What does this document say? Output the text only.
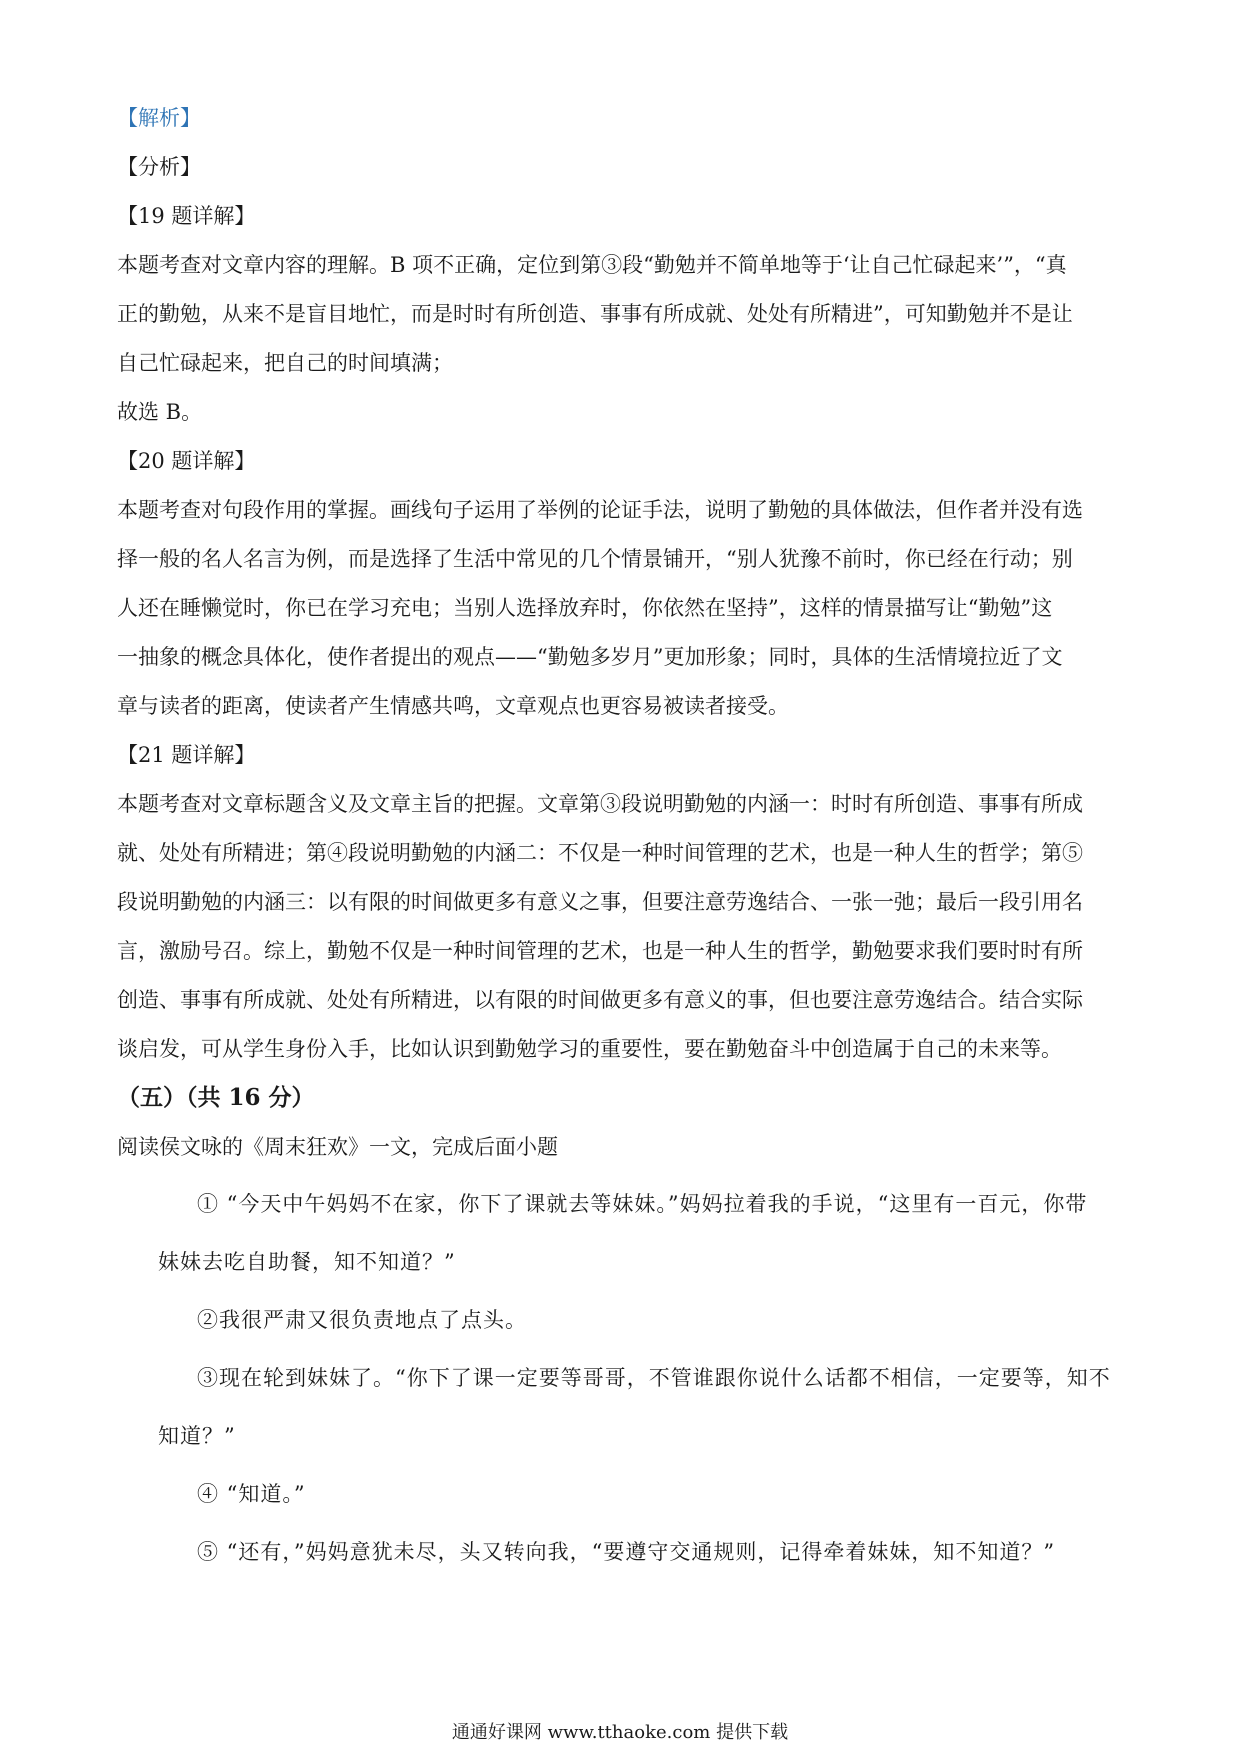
【解析】
【分析】
【19 题详解】
本题考查对文章内容的理解。B 项不正确，定位到第③段“勤勉并不简单地等于‘让自己忙碌起来’”，“真
正的勤勉，从来不是盲目地忙，而是时时有所创造、事事有所成就、处处有所精进”，可知勤勉并不是让
自己忙碌起来，把自己的时间填满；
故选 B。
【20 题详解】
本题考查对句段作用的掌握。画线句子运用了举例的论证手法，说明了勤勉的具体做法，但作者并没有选
择一般的名人名言为例，而是选择了生活中常见的几个情景铺开，“别人犹豫不前时，你已经在行动；别
人还在睡懒觉时，你已在学习充电；当别人选择放弃时，你依然在坚持”，这样的情景描写让“勤勉”这
一抽象的概念具体化，使作者提出的观点——“勤勉多岁月”更加形象；同时，具体的生活情境拉近了文
章与读者的距离，使读者产生情感共鸣，文章观点也更容易被读者接受。
【21 题详解】
本题考查对文章标题含义及文章主旨的把握。文章第③段说明勤勉的内涵一：时时有所创造、事事有所成
就、处处有所精进；第④段说明勤勉的内涵二：不仅是一种时间管理的艺术，也是一种人生的哲学；第⑤
段说明勤勉的内涵三：以有限的时间做更多有意义之事，但要注意劳逸结合、一张一弛；最后一段引用名
言，激励号召。综上，勤勉不仅是一种时间管理的艺术，也是一种人生的哲学，勤勉要求我们要时时有所
创造、事事有所成就、处处有所精进，以有限的时间做更多有意义的事，但也要注意劳逸结合。结合实际
谈启发，可从学生身份入手，比如认识到勤勉学习的重要性，要在勤勉奋斗中创造属于自己的未来等。
（五）（共 16 分）
阅读侯文咏的《周末狂欢》一文，完成后面小题
① “今天中午妈妈不在家，你下了课就去等妹妹。”妈妈拉着我的手说，“这里有一百元，你带
妹妹去吃自助餐，知不知道？”
②我很严肃又很负责地点了点头。
③现在轮到妹妹了。“你下了课一定要等哥哥，不管谁跟你说什么话都不相信，一定要等，知不
知道？”
④ “知道。”
⑤ “还有，”妈妈意犹未尽，头又转向我，“要遵守交通规则，记得牵着妹妹，知不知道？”
通通好课网 www.tthaoke.com 提供下载
